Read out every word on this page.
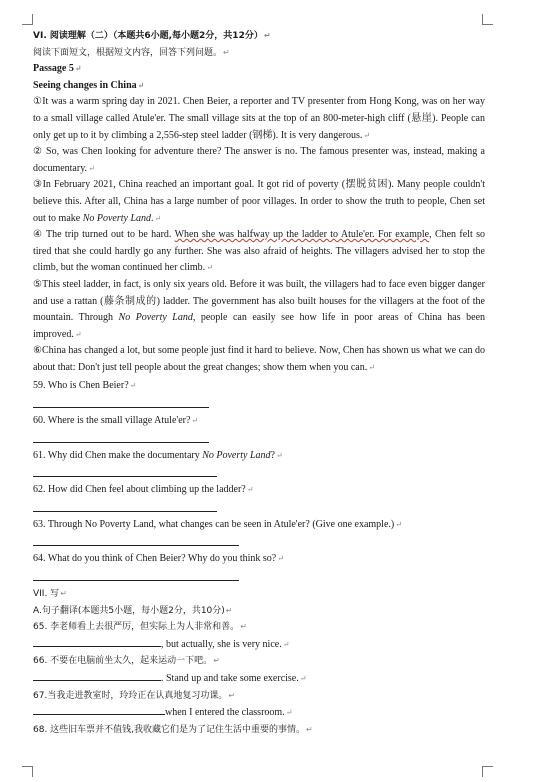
VI. 阅读理解（二）（本题共6小题,每小题2分，共12分）↵
阅读下面短文，根据短文内容，回答下列问题。↵
Passage 5↵
Seeing changes in China↵
①It was a warm spring day in 2021. Chen Beier, a reporter and TV presenter from Hong Kong, was on her way to a small village called Atule'er. The small village sits at the top of an 800-meter-high cliff (悬崖). People can only get up to it by climbing a 2,556-step steel ladder (钢梯). It is very dangerous.↵
② So, was Chen looking for adventure there? The answer is no. The famous presenter was, instead, making a documentary.↵
③In February 2021, China reached an important goal. It got rid of poverty (摆脱贫困). Many people couldn't believe this. After all, China has a large number of poor villages. In order to show the truth to people, Chen set out to make No Poverty Land.↵
④ The trip turned out to be hard. When she was halfway up the ladder to Atule'er. For example, Chen felt so tired that she could hardly go any further. She was also afraid of heights. The villagers advised her to stop the climb, but the woman continued her climb.↵
⑤This steel ladder, in fact, is only six years old. Before it was built, the villagers had to face even bigger danger and use a rattan (藤条制成的) ladder. The government has also built houses for the villagers at the foot of the mountain. Through No Poverty Land, people can easily see how life in poor areas of China has been improved.↵
⑥China has changed a lot, but some people just find it hard to believe. Now, Chen has shown us what we can do about that: Don't just tell people about the great changes; show them when you can.↵
59. Who is Chen Beier?↵
60. Where is the small village Atule'er?↵
61. Why did Chen make the documentary No Poverty Land?↵
62. How did Chen feel about climbing up the ladder?↵
63. Through No Poverty Land, what changes can be seen in Atule'er? (Give one example.)↵
64. What do you think of Chen Beier? Why do you think so?↵
VII. 写↵
A.句子翻译(本题共5小题，每小题2分，共10分)↵
65. 李老师看上去很严厉，但实际上为人非常和善。↵
, but actually, she is very nice.↵
66. 不要在电脑前坐太久，起来运动一下吧。↵
. Stand up and take some exercise.↵
67.当我走进教室时，玲玲正在认真地复习功课。↵
when I entered the classroom.↵
68. 这些旧车票并不值钱,我收藏它们是为了记住生活中重要的事情。↵
